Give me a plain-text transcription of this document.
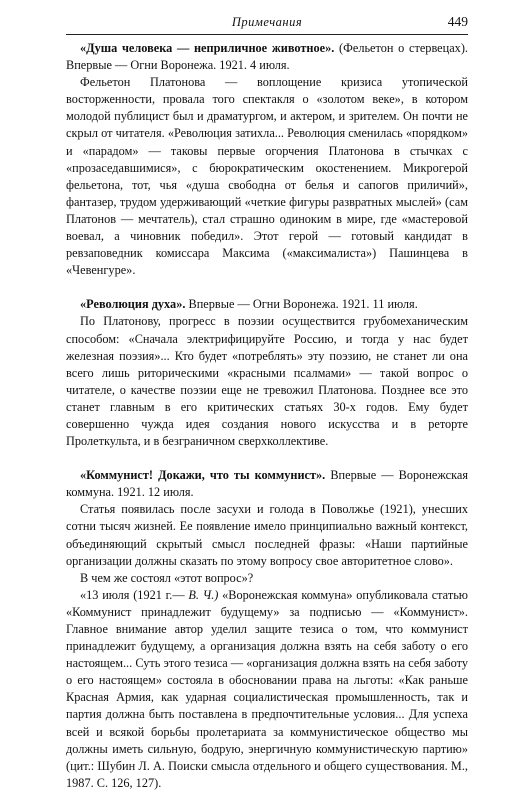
Примечания	449

«Душа человека — неприличное животное». (Фельетон о стервецах). Впервые — Огни Воронежа. 1921. 4 июля.

Фельетон Платонова — воплощение кризиса утопической восторженности, провала того спектакля о «золотом веке», в котором молодой публицист был и драматургом, и актером, и зрителем. Он почти не скрыл от читателя. «Революция затихла... Революция сменилась «порядком» и «парадом» — таковы первые огорчения Платонова в стычках с «прозаседавшимися», с бюрократическим окостенением. Микрогерой фельетона, тот, чья «душа свободна от белья и сапогов приличий», фантазер, трудом удерживающий «четкие фигуры развратных мыслей» (сам Платонов — мечтатель), стал страшно одиноким в мире, где «мастеровой воевал, а чиновник победил». Этот герой — готовый кандидат в ревзаповедник комиссара Максима («максималиста») Пашинцева в «Чевенгуре».

«Революция духа». Впервые — Огни Воронежа. 1921. 11 июля.

По Платонову, прогресс в поэзии осуществится грубомеханическим способом: «Сначала электрифицируйте Россию, и тогда у нас будет железная поэзия»... Кто будет «потреблять» эту поэзию, не станет ли она всего лишь риторическими «красными псалмами» — такой вопрос о читателе, о качестве поэзии еще не тревожил Платонова. Позднее все это станет главным в его критических статьях 30-х годов. Ему будет совершенно чужда идея создания нового искусства и в реторте Пролеткульта, и в безграничном сверхколлективе.

«Коммунист! Докажи, что ты коммунист». Впервые — Воронежская коммуна. 1921. 12 июля.

Статья появилась после засухи и голода в Поволжье (1921), унесших сотни тысяч жизней. Ее появление имело принципиально важный контекст, объединяющий скрытый смысл последней фразы: «Наши партийные организации должны сказать по этому вопросу свое авторитетное слово».

В чем же состоял «этот вопрос»?

«13 июля (1921 г.— В. Ч.) «Воронежская коммуна» опубликовала статью «Коммунист принадлежит будущему» за подписью — «Коммунист». Главное внимание автор уделил защите тезиса о том, что коммунист принадлежит будущему, а организация должна взять на себя заботу о его настоящем... Суть этого тезиса — «организация должна взять на себя заботу о его настоящем» состояла в обосновании права на льготы: «Как раньше Красная Армия, как ударная социалистическая промышленность, так и партия должна быть поставлена в предпочтительные условия... Для успеха всей и всякой борьбы пролетариата за коммунистическое общество мы должны иметь сильную, бодрую, энергичную коммунистическую партию» (цит.: Шубин Л. А. Поиски смысла отдельного и общего существования. М., 1987. С. 126, 127).
